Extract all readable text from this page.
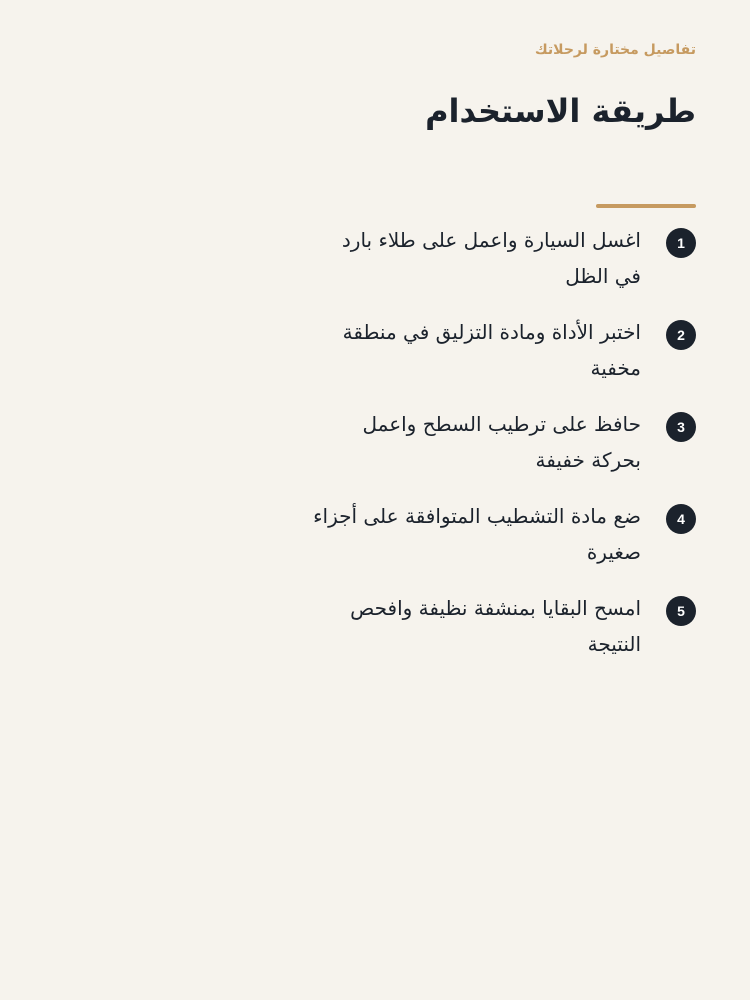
تفاصيل مختارة لرحلاتك
طريقة الاستخدام
1
اغسل السيارة واعمل على طلاء بارد في الظل
2
اختبر الأداة ومادة التزليق في منطقة مخفية
3
حافظ على ترطيب السطح واعمل بحركة خفيفة
4
ضع مادة التشطيب المتوافقة على أجزاء صغيرة
5
امسح البقايا بمنشفة نظيفة وافحص النتيجة
